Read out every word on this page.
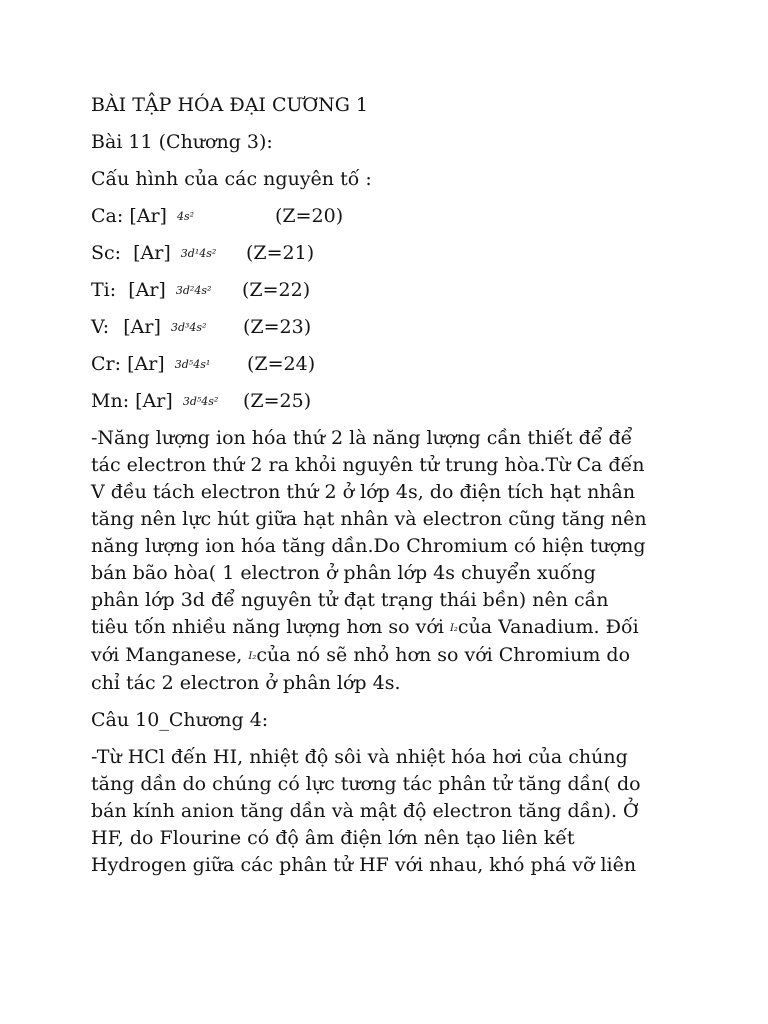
BÀI TẬP HÓA ĐẠI CƯƠNG 1
Bài 11 (Chương 3):
Cấu hình của các nguyên tố :
Ca: [Ar] 4s²	(Z=20)
Sc: [Ar] 3d¹4s² (Z=21)
Ti: [Ar] 3d²4s² (Z=22)
V: [Ar] 3d³4s² (Z=23)
Cr: [Ar] 3d⁵4s¹ (Z=24)
Mn: [Ar] 3d⁵4s² (Z=25)
-Năng lượng ion hóa thứ 2 là năng lượng cần thiết để để
tác electron thứ 2 ra khỏi nguyên tử trung hòa.Từ Ca đến
V đều tách electron thứ 2 ở lớp 4s, do điện tích hạt nhân
tăng nên lực hút giữa hạt nhân và electron cũng tăng nên
năng lượng ion hóa tăng dần.Do Chromium có hiện tượng
bán bão hòa( 1 electron ở phân lớp 4s chuyển xuống
phân lớp 3d để nguyên tử đạt trạng thái bền) nên cần
tiêu tốn nhiều năng lượng hơn so với I₂của Vanadium. Đối
với Manganese, I₂của nó sẽ nhỏ hơn so với Chromium do
chỉ tác 2 electron ở phân lớp 4s.
Câu 10_Chương 4:
-Từ HCl đến HI, nhiệt độ sôi và nhiệt hóa hơi của chúng
tăng dần do chúng có lực tương tác phân tử tăng dần( do
bán kính anion tăng dần và mật độ electron tăng dần). Ở
HF, do Flourine có độ âm điện lớn nên tạo liên kết
Hydrogen giữa các phân tử HF với nhau, khó phá vỡ liên
